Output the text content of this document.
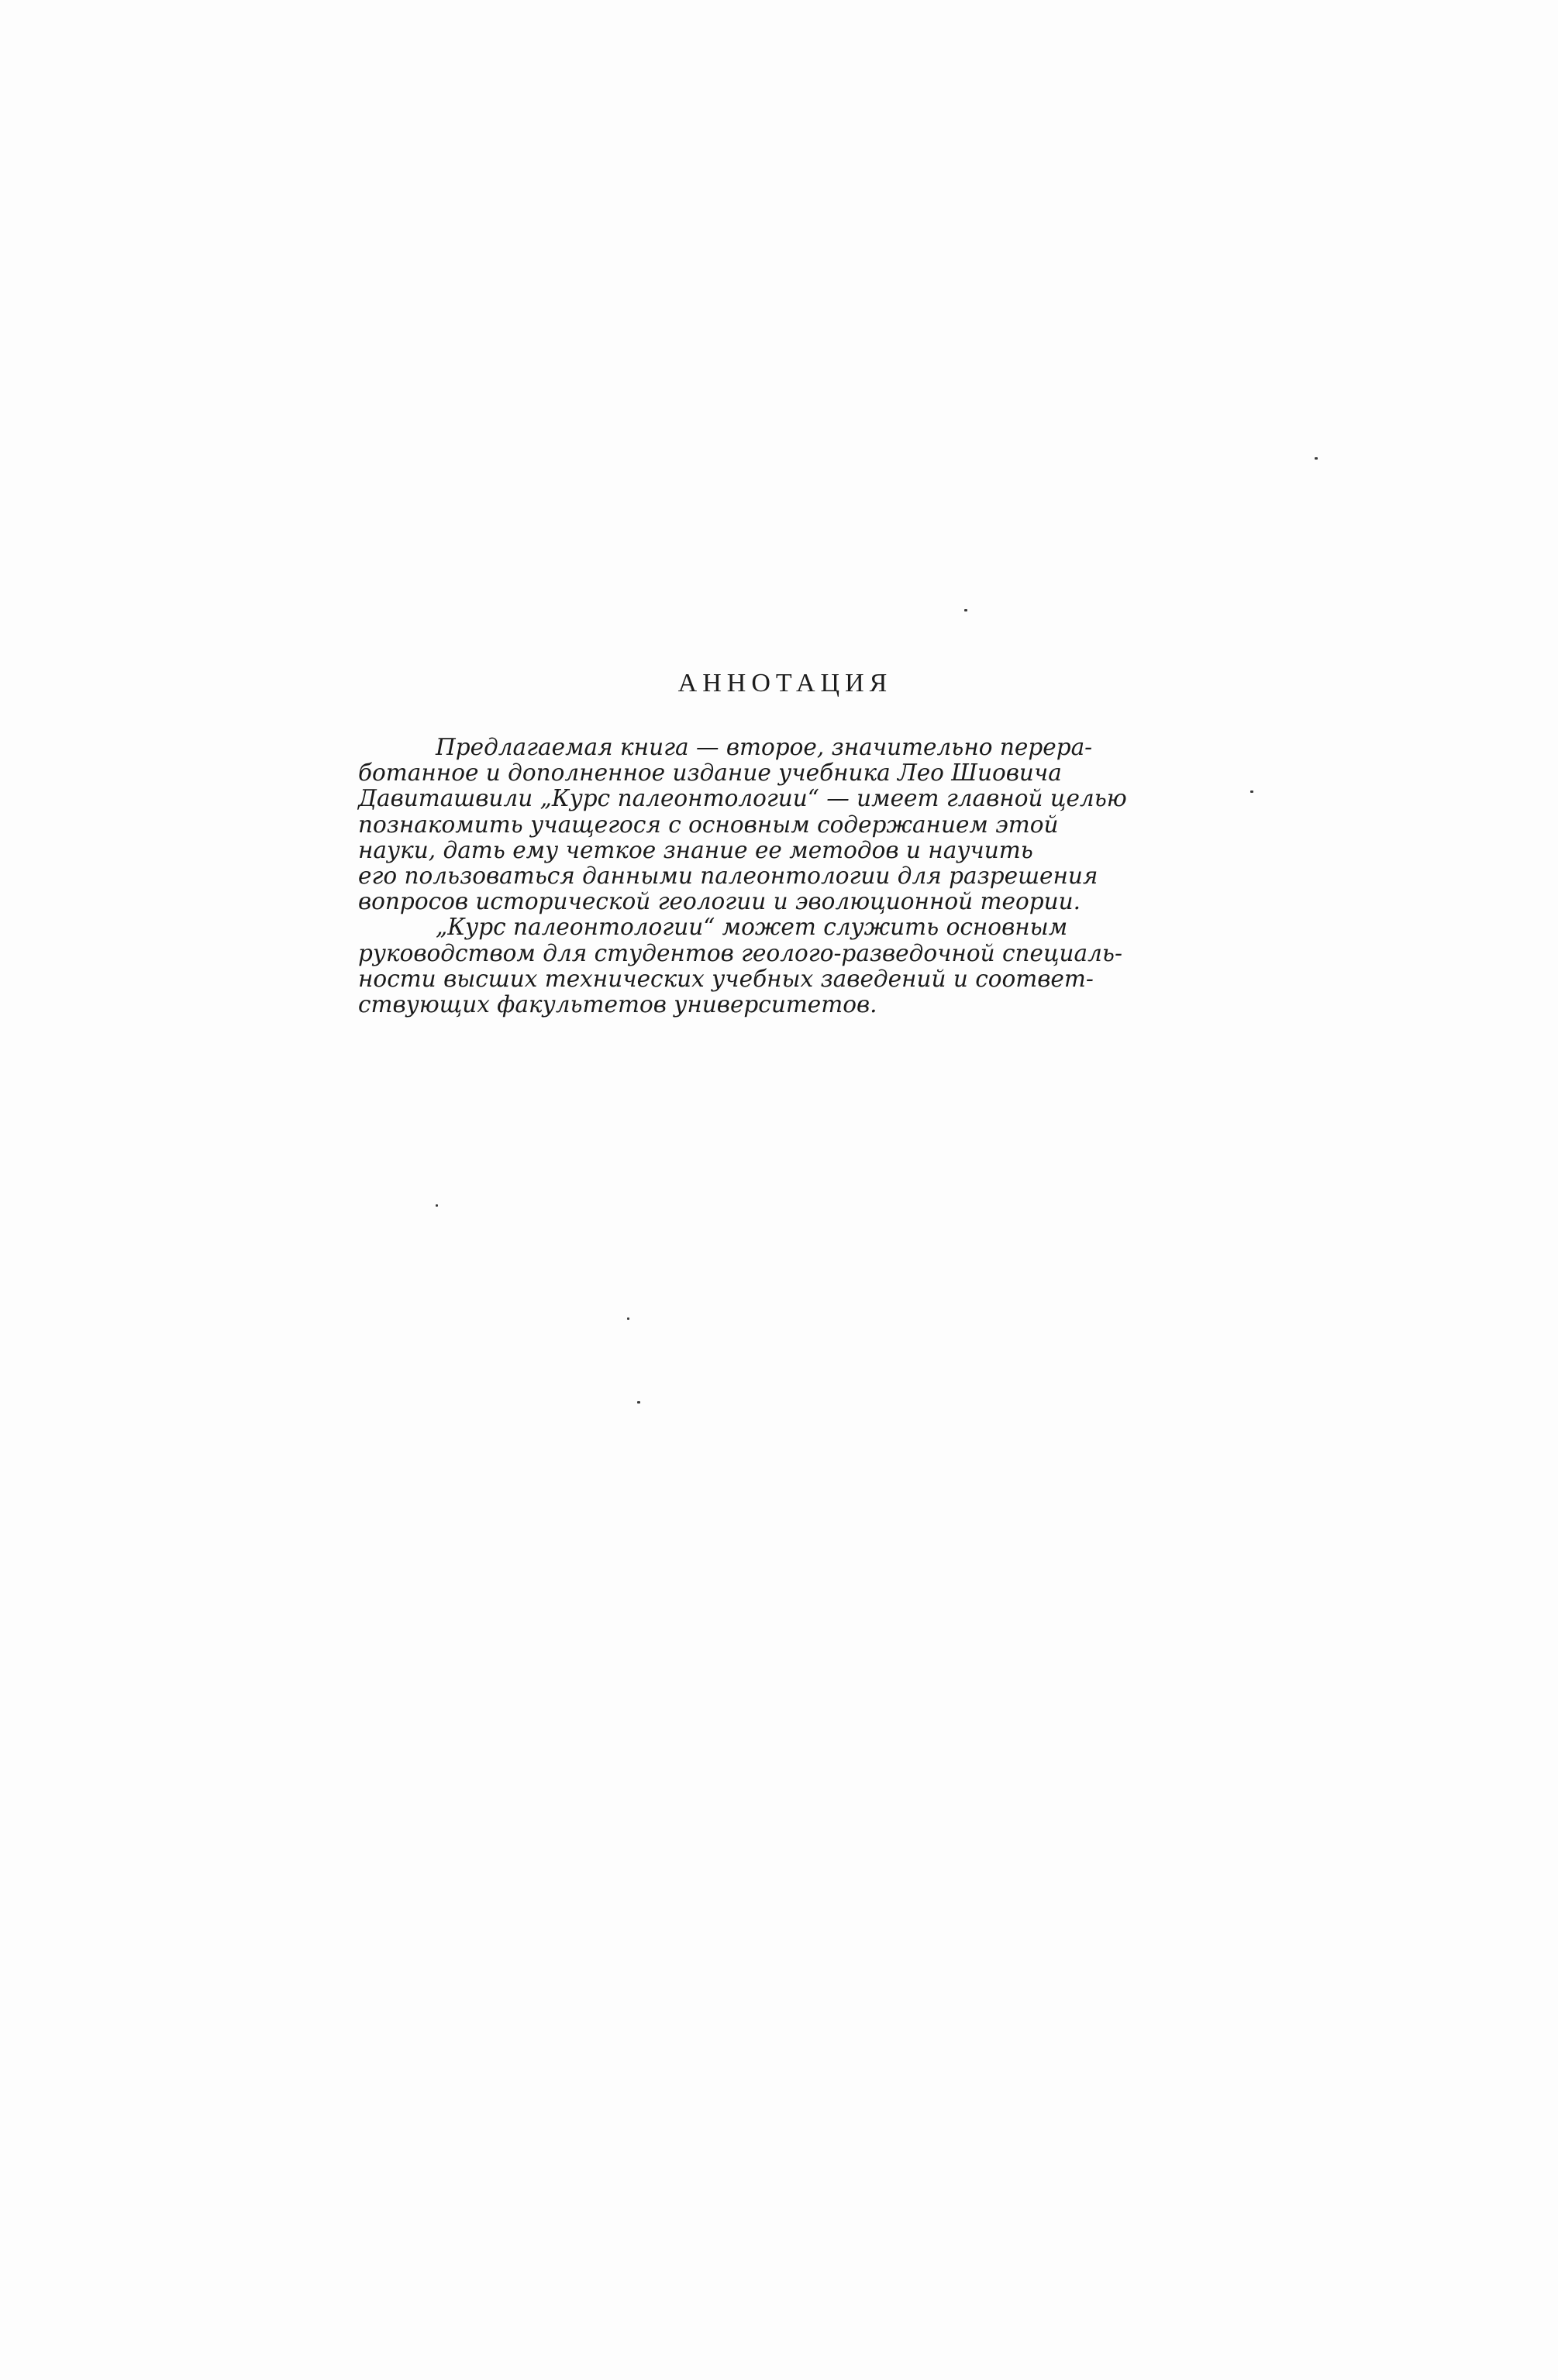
АННОТАЦИЯ
Предлагаемая книга — второе, значительно перера-
ботанное и дополненное издание учебника Лео Шиовича
Давиташвили „Курс палеонтологии“ — имеет главной целью
познакомить учащегося с основным содержанием этой
науки, дать ему четкое знание ее методов и научить
его пользоваться данными палеонтологии для разрешения
вопросов исторической геологии и эволюционной теории.
„Курс палеонтологии“ может служить основным
руководством для студентов геолого-разведочной специаль-
ности высших технических учебных заведений и соответ-
ствующих факультетов университетов.
